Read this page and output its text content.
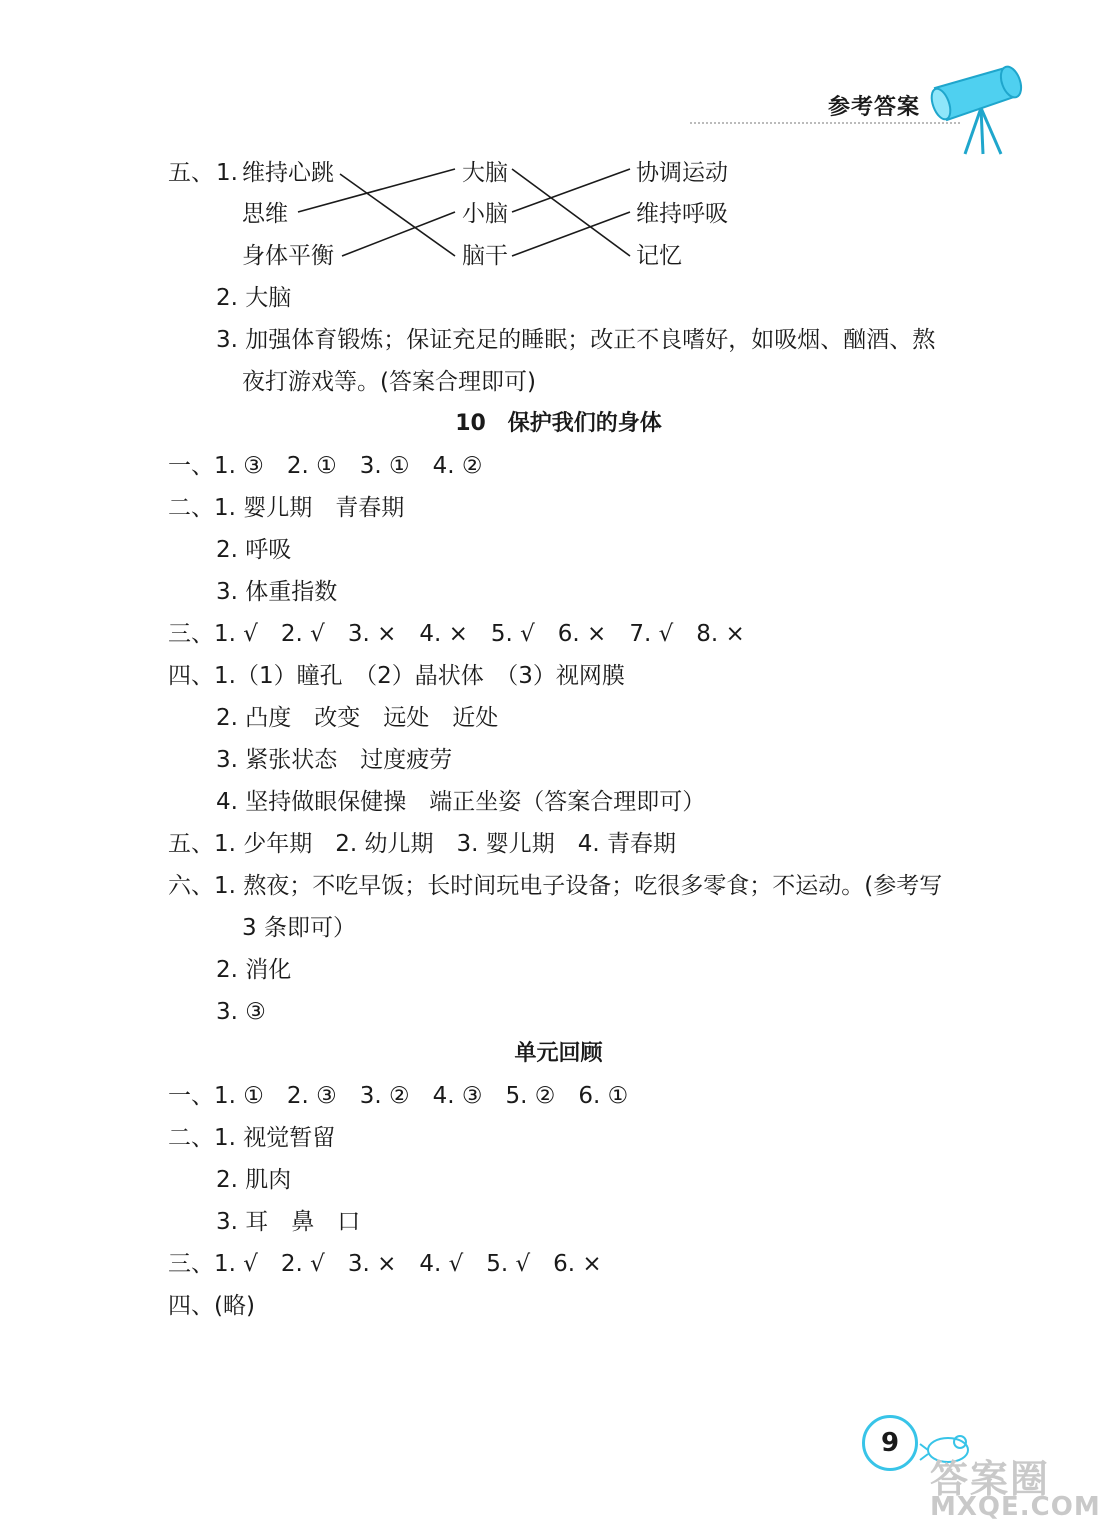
参考答案
五、 1. 维持心跳
思维
身体平衡
大脑
小脑
脑干
协调运动
维持呼吸
记忆
2. 大脑
3. 加强体育锻炼；保证充足的睡眠；改正不良嗜好，如吸烟、酗酒、熬
夜打游戏等。(答案合理即可)
10　保护我们的身体
一、1. ③　2. ①　3. ①　4. ②
二、1. 婴儿期　青春期
2. 呼吸
3. 体重指数
三、1. √　2. √　3. ×　4. ×　5. √　6. ×　7. √　8. ×
四、1.（1）瞳孔　（2）晶状体　（3）视网膜
2. 凸度　改变　远处　近处
3. 紧张状态　过度疲劳
4. 坚持做眼保健操　端正坐姿（答案合理即可）
五、1. 少年期　2. 幼儿期　3. 婴儿期　4. 青春期
六、1. 熬夜；不吃早饭；长时间玩电子设备；吃很多零食；不运动。(参考写
3 条即可）
2. 消化
3. ③
单元回顾
一、1. ①　2. ③　3. ②　4. ③　5. ②　6. ①
二、1. 视觉暂留
2. 肌肉
3. 耳　鼻　口
三、1. √　2. √　3. ×　4. √　5. √　6. ×
四、(略)
9
答案圈
MXQE.COM
